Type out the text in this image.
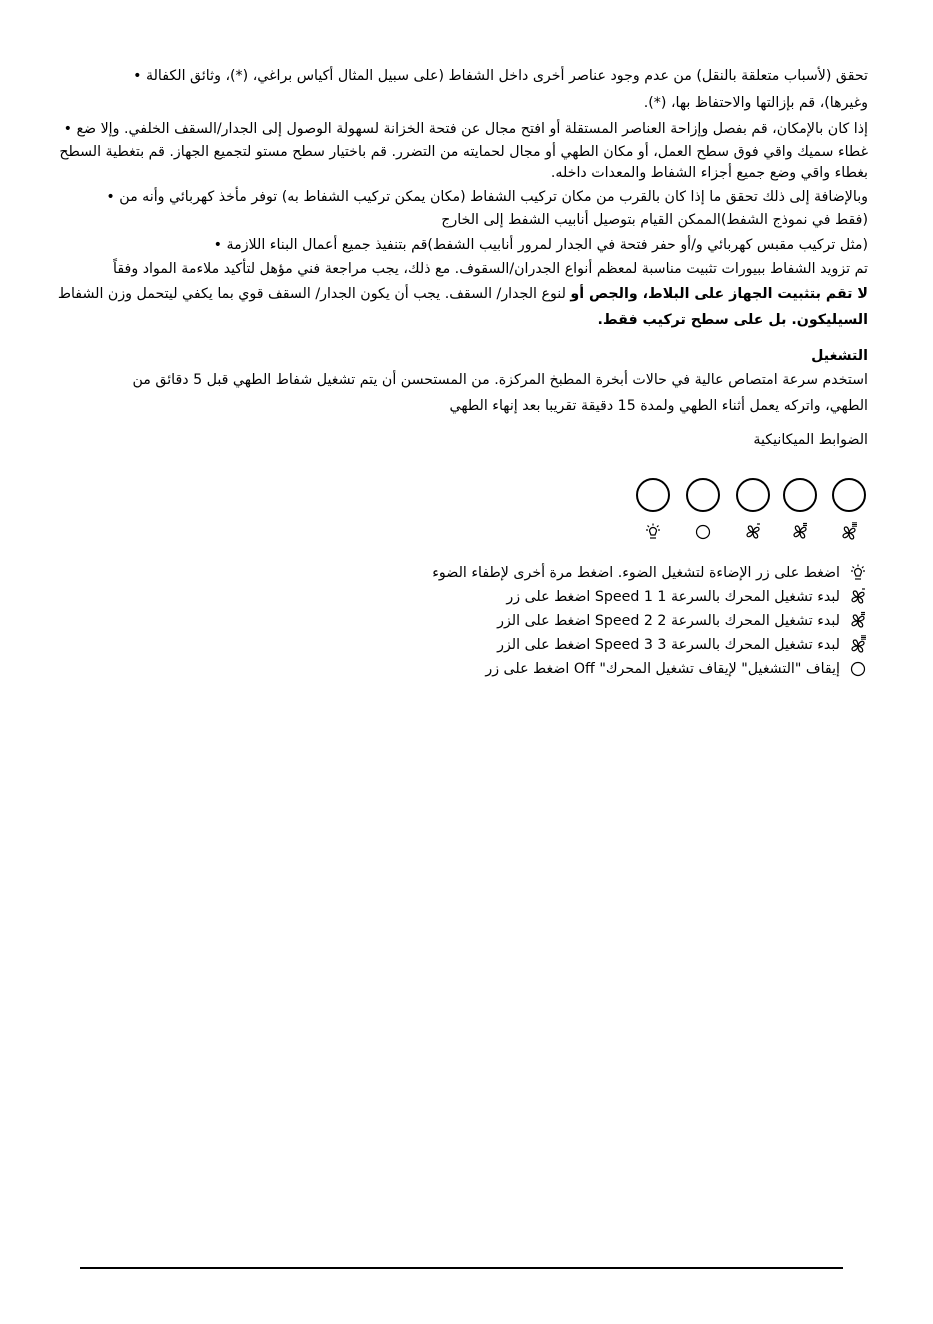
تحقق (لأسباب متعلقة بالنقل) من عدم وجود عناصر أخرى داخل الشفاط (على سبيل المثال أكياس براغي، (*)، وثائق الكفالة •
وغيرها)، قم بإزالتها والاحتفاظ بها، (*).
إذا كان بالإمكان، قم بفصل وإزاحة العناصر المستقلة أو افتح مجال عن فتحة الخزانة لسهولة الوصول إلى الجدار/السقف الخلفي. وإلا ضع •
غطاء سميك واقي فوق سطح العمل، أو مكان الطهي أو مجال لحمايته من التضرر. قم باختيار سطح مستو لتجميع الجهاز. قم بتغطية السطح
بغطاء واقي وضع جميع أجزاء الشفاط والمعدات داخله.
وبالإضافة إلى ذلك تحقق ما إذا كان بالقرب من مكان تركيب الشفاط (مكان يمكن تركيب الشفاط به) توفر مأخذ كهربائي وأنه من •
(فقط في نموذج الشفط)الممكن القيام بتوصيل أنابيب الشفط إلى الخارج
(مثل تركيب مقبس كهربائي و/أو حفر فتحة في الجدار لمرور أنابيب الشفط)قم بتنفيذ جميع أعمال البناء اللازمة •
تم تزويد الشفاط ببيورات تثبيت مناسبة لمعظم أنواع الجدران/السقوف. مع ذلك، يجب مراجعة فني مؤهل لتأكيد ملاءمة المواد وفقاً
لا تقم بتثبيت الجهاز على البلاط، والجص أو لنوع الجدار/ السقف. يجب أن يكون الجدار/ السقف قوي بما يكفي ليتحمل وزن الشفاط
السيليكون. بل على سطح تركيب فقط.
التشغيل
استخدم سرعة امتصاص عالية في حالات أبخرة المطبخ المركزة. من المستحسن أن يتم تشغيل شفاط الطهي قبل 5 دقائق من
الطهي، واتركه يعمل أثناء الطهي ولمدة 15 دقيقة تقريبا بعد إنهاء الطهي
الضوابط الميكانيكية
اضغط على زر الإضاءة لتشغيل الضوء. اضغط مرة أخرى لإطفاء الضوء
لبدء تشغيل المحرك بالسرعة 1 Speed 1 اضغط على زر
لبدء تشغيل المحرك بالسرعة 2 Speed 2 اضغط على الزر
لبدء تشغيل المحرك بالسرعة 3 Speed 3 اضغط على الزر
إيقاف "التشغيل" لإيقاف تشغيل المحرك" Off اضغط على زر
